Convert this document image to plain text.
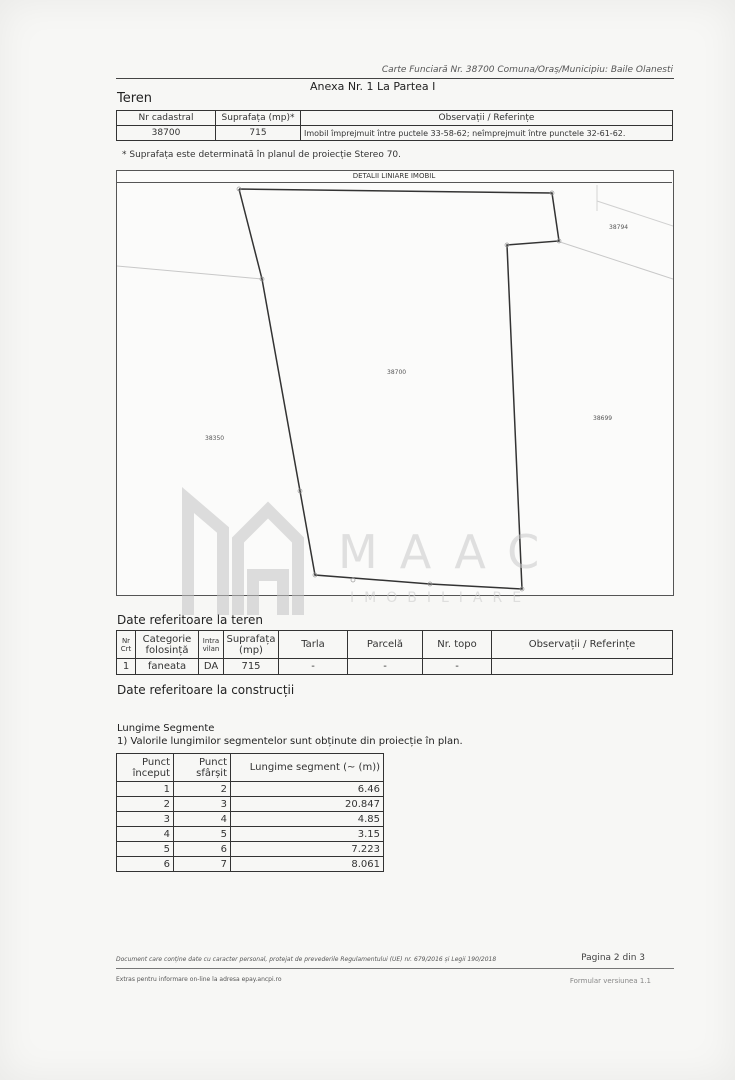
Carte Funciară Nr. 38700 Comuna/Oraș/Municipiu: Baile Olanesti
Anexa Nr. 1 La Partea I
Teren
Nr cadastral	Suprafața (mp)*	Observații / Referințe
38700	715	Imobil împrejmuit între puctele 33-58-62; neîmprejmuit între punctele 32-61-62.
* Suprafața este determinată în planul de proiecție Stereo 70.
38700
38350
38699
38794
DETALII LINIARE IMOBIL
MAAC
IMOBILIARE
Date referitoare la teren
Nr Crt	Categorie folosință	Intra vilan	Suprafața (mp)	Tarla	Parcelă	Nr. topo	Observații / Referințe
1	faneata	DA	715	-	-	-	
Date referitoare la construcții
Lungime Segmente
1) Valorile lungimilor segmentelor sunt obținute din proiecție în plan.
Punct început	Punct sfârșit	Lungime segment (~ (m))
1	2	6.46
2	3	20.847
3	4	4.85
4	5	3.15
5	6	7.223
6	7	8.061
Document care conține date cu caracter personal, protejat de prevederile Regulamentului (UE) nr. 679/2016 și Legii 190/2018	Pagina 2 din 3
Extras pentru informare on-line la adresa epay.ancpi.ro	Formular versiunea 1.1
